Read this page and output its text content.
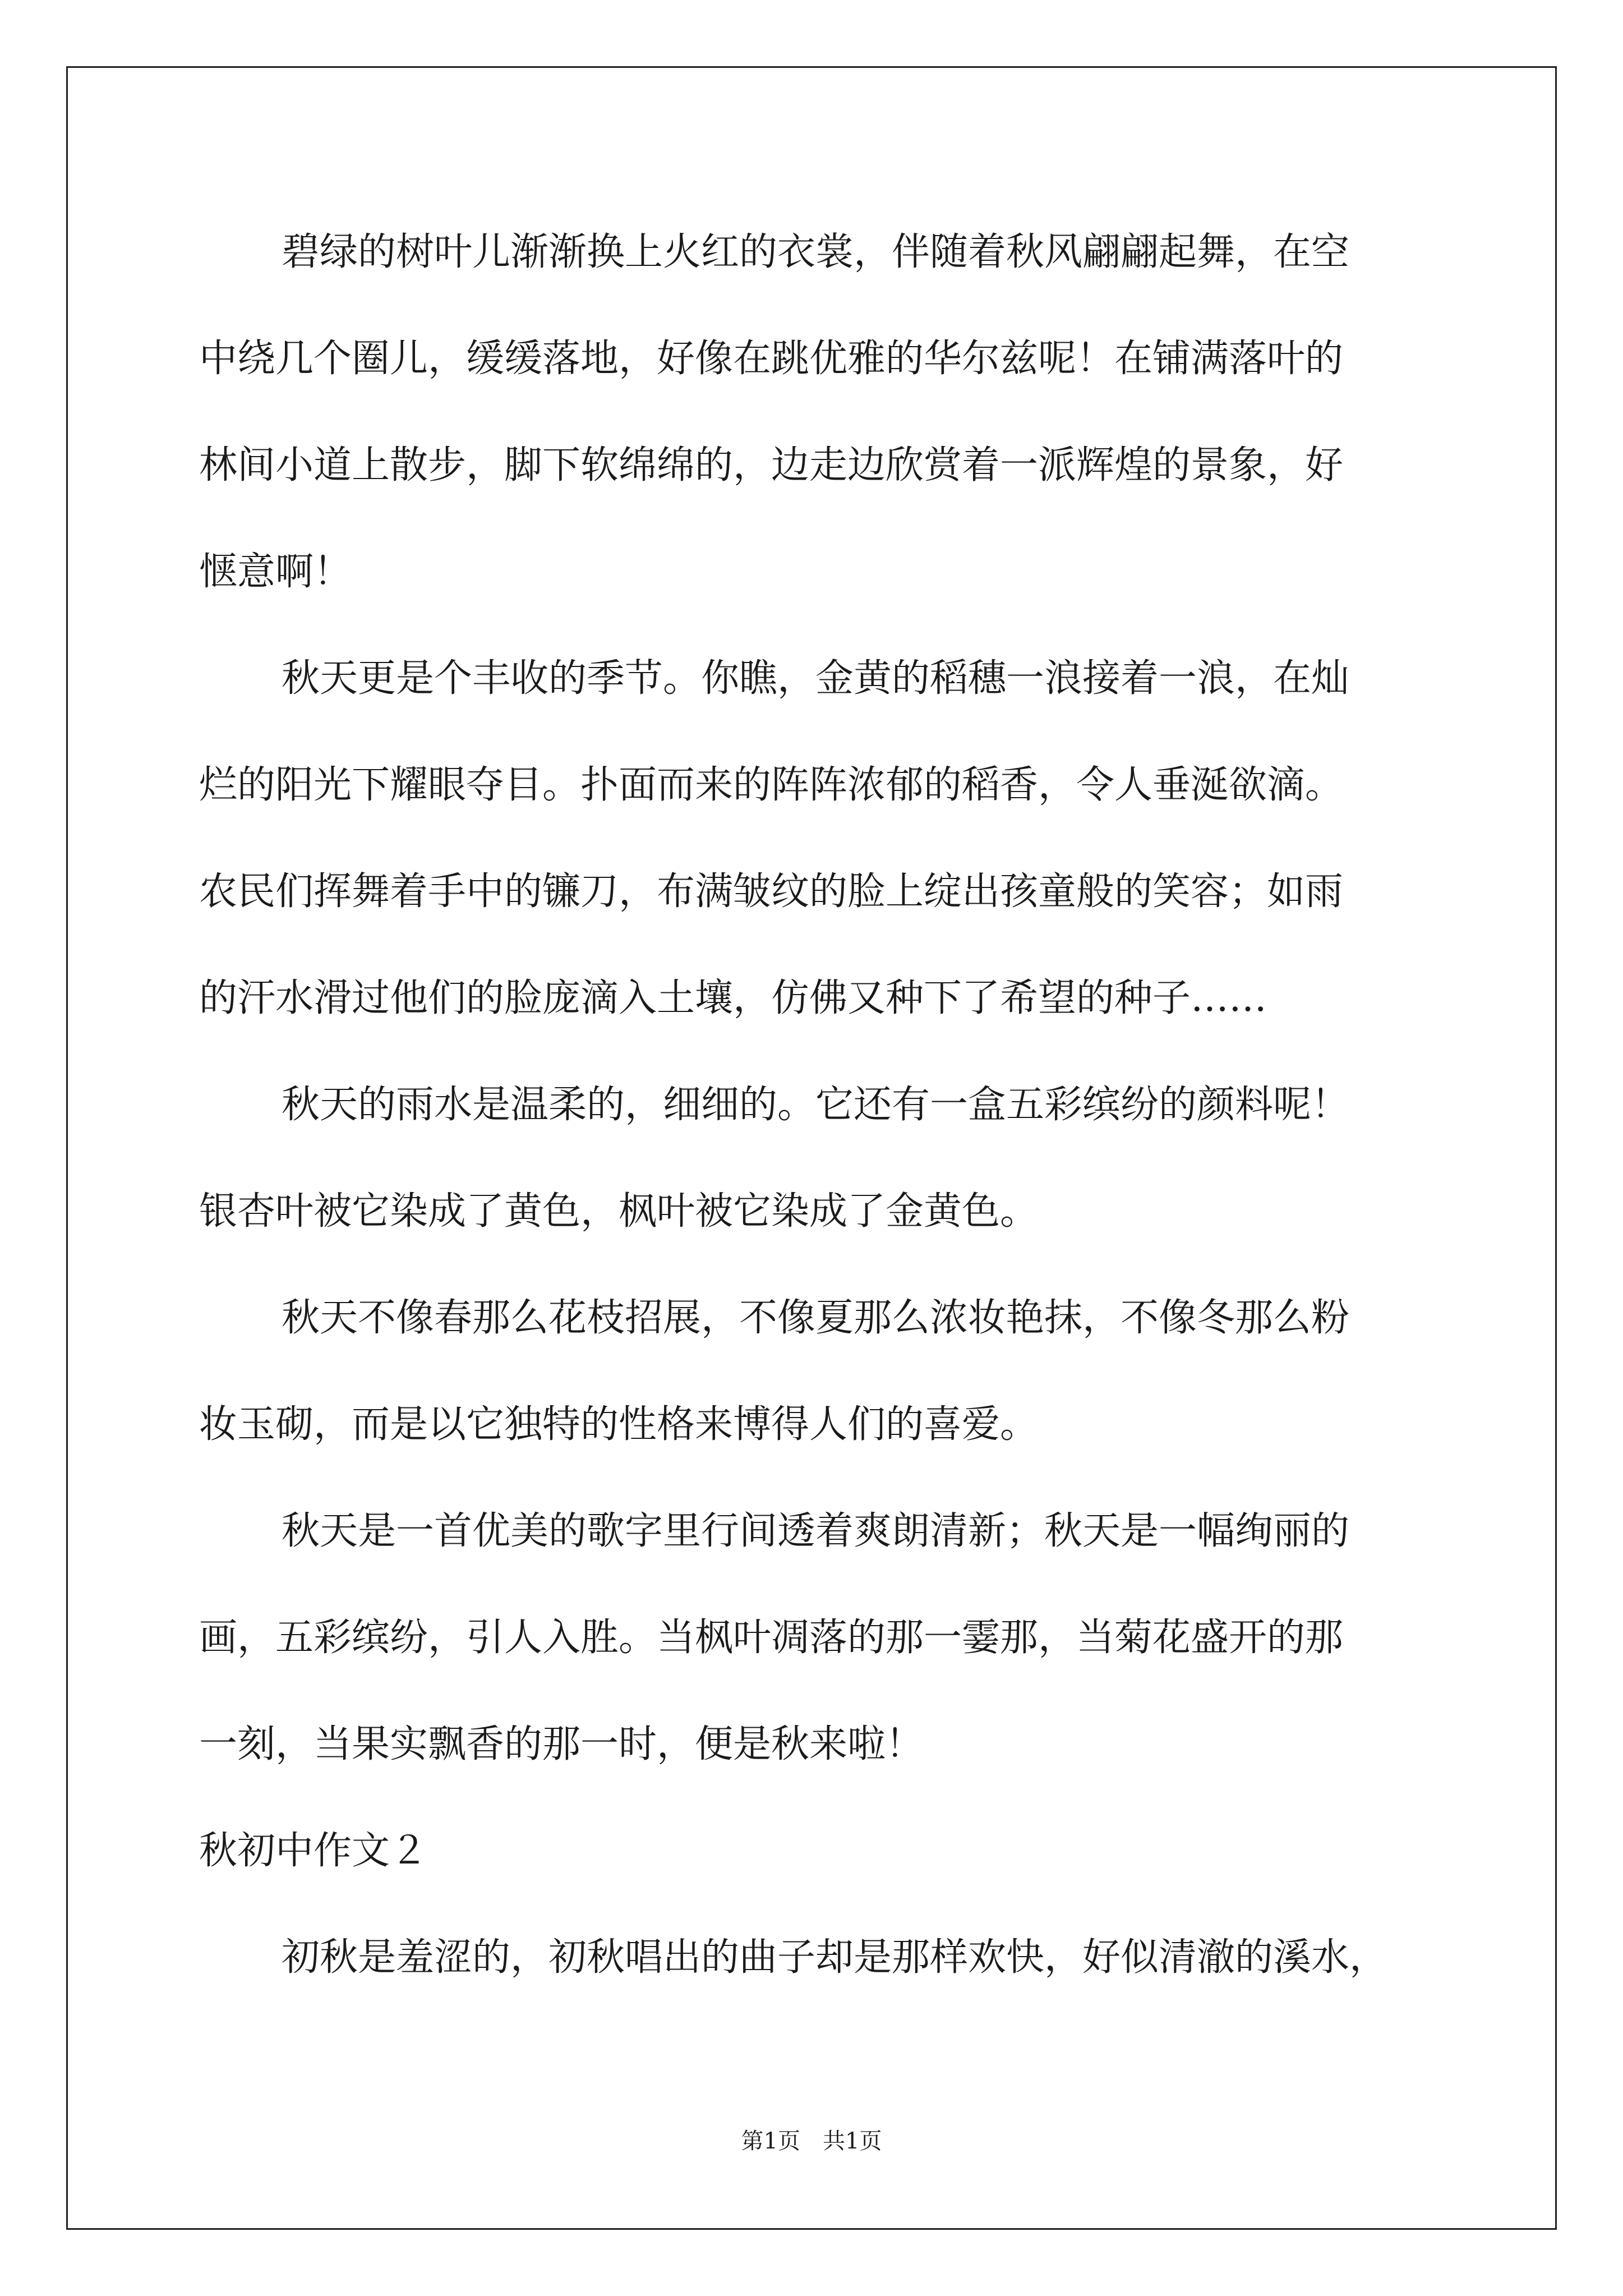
碧绿的树叶儿渐渐换上火红的衣裳，伴随着秋风翩翩起舞，在空
中绕几个圈儿，缓缓落地，好像在跳优雅的华尔兹呢！在铺满落叶的
林间小道上散步，脚下软绵绵的，边走边欣赏着一派辉煌的景象，好
惬意啊！
秋天更是个丰收的季节。你瞧，金黄的稻穗一浪接着一浪，在灿
烂的阳光下耀眼夺目。扑面而来的阵阵浓郁的稻香，令人垂涎欲滴。
农民们挥舞着手中的镰刀，布满皱纹的脸上绽出孩童般的笑容；如雨
的汗水滑过他们的脸庞滴入土壤，仿佛又种下了希望的种子……
秋天的雨水是温柔的，细细的。它还有一盒五彩缤纷的颜料呢！
银杏叶被它染成了黄色，枫叶被它染成了金黄色。
秋天不像春那么花枝招展，不像夏那么浓妆艳抹，不像冬那么粉
妆玉砌，而是以它独特的性格来博得人们的喜爱。
秋天是一首优美的歌字里行间透着爽朗清新；秋天是一幅绚丽的
画，五彩缤纷，引人入胜。当枫叶凋落的那一霎那，当菊花盛开的那
一刻，当果实飘香的那一时，便是秋来啦！
秋初中作文２
初秋是羞涩的，初秋唱出的曲子却是那样欢快，好似清澈的溪水，
第1页　共1页
